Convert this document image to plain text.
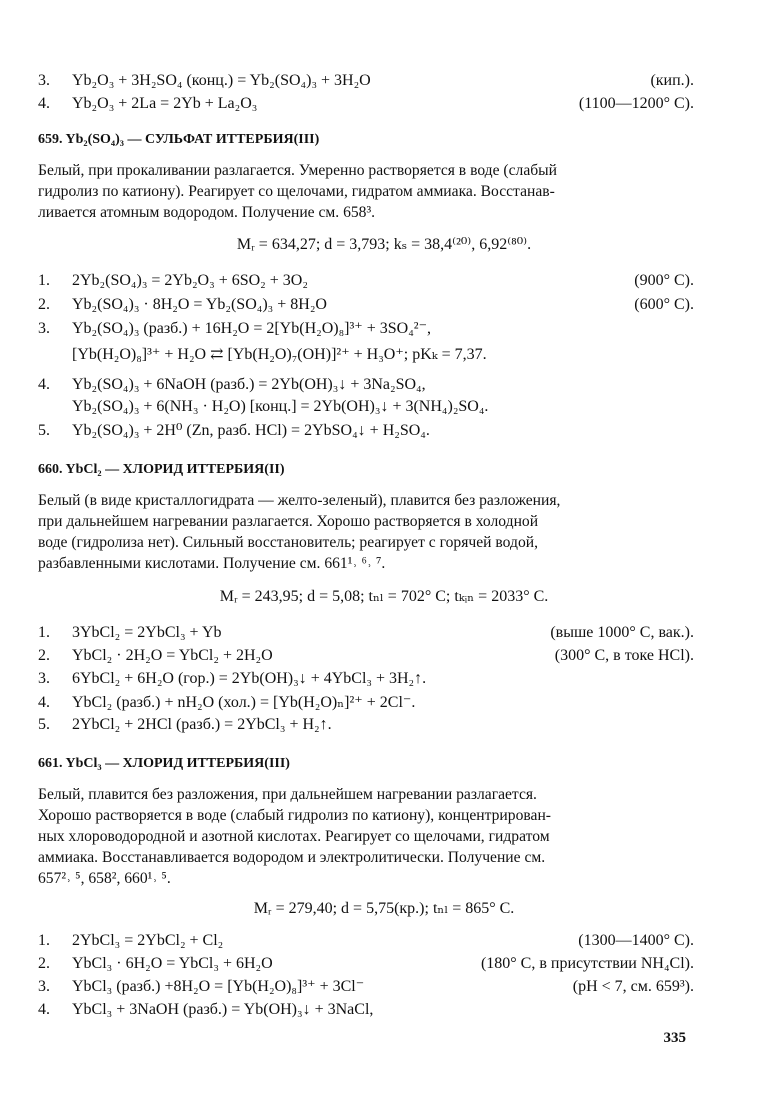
3. Yb₂O₃ + 3H₂SO₄ (конц.) = Yb₂(SO₄)₃ + 3H₂O	(кип.).
4. Yb₂O₃ + 2La = 2Yb + La₂O₃	(1100—1200° С).
659. Yb₂(SO₄)₃ — СУЛЬФАТ ИТТЕРБИЯ(III)
Белый, при прокаливании разлагается. Умеренно растворяется в воде (слабый
гидролиз по катиону). Реагирует со щелочами, гидратом аммиака. Восстанав-
ливается атомным водородом. Получение см. 658³.
Mᵣ = 634,27; d = 3,793; kₛ = 38,4⁽²⁰⁾, 6,92⁽⁸⁰⁾.
1. 2Yb₂(SO₄)₃ = 2Yb₂O₃ + 6SO₂ + 3O₂	(900° С).
2. Yb₂(SO₄)₃ · 8H₂O = Yb₂(SO₄)₃ + 8H₂O	(600° С).
3. Yb₂(SO₄)₃ (разб.) + 16H₂O = 2[Yb(H₂O)₈]³⁺ + 3SO₄²⁻,
[Yb(H₂O)₈]³⁺ + H₂O ⇄ [Yb(H₂O)₇(OH)]²⁺ + H₃O⁺; pKₖ = 7,37.
4. Yb₂(SO₄)₃ + 6NaOH (разб.) = 2Yb(OH)₃↓ + 3Na₂SO₄,
Yb₂(SO₄)₃ + 6(NH₃ · H₂O) [конц.] = 2Yb(OH)₃↓ + 3(NH₄)₂SO₄.
5. Yb₂(SO₄)₃ + 2H⁰ (Zn, разб. HCl) = 2YbSO₄↓ + H₂SO₄.
660. YbCl₂ — ХЛОРИД ИТТЕРБИЯ(II)
Белый (в виде кристаллогидрата — желто-зеленый), плавится без разложения,
при дальнейшем нагревании разлагается. Хорошо растворяется в холодной
воде (гидролиза нет). Сильный восстановитель; реагирует с горячей водой,
разбавленными кислотами. Получение см. 661¹˒ ⁶˒ ⁷.
Mᵣ = 243,95; d = 5,08; tₙₗ = 702° С; tₖᵢₙ = 2033° С.
1. 3YbCl₂ = 2YbCl₃ + Yb	(выше 1000° С, вак.).
2. YbCl₂ · 2H₂O = YbCl₂ + 2H₂O	(300° С, в токе HCl).
3. 6YbCl₂ + 6H₂O (гор.) = 2Yb(OH)₃↓ + 4YbCl₃ + 3H₂↑.
4. YbCl₂ (разб.) + nH₂O (хол.) = [Yb(H₂O)ₙ]²⁺ + 2Cl⁻.
5. 2YbCl₂ + 2HCl (разб.) = 2YbCl₃ + H₂↑.
661. YbCl₃ — ХЛОРИД ИТТЕРБИЯ(III)
Белый, плавится без разложения, при дальнейшем нагревании разлагается.
Хорошо растворяется в воде (слабый гидролиз по катиону), концентрирован-
ных хлороводородной и азотной кислотах. Реагирует со щелочами, гидратом
аммиака. Восстанавливается водородом и электролитически. Получение см.
657²˒ ⁵, 658², 660¹˒ ⁵.
Mᵣ = 279,40; d = 5,75(кр.); tₙₗ = 865° С.
1. 2YbCl₃ = 2YbCl₂ + Cl₂	(1300—1400° С).
2. YbCl₃ · 6H₂O = YbCl₃ + 6H₂O	(180° С, в присутствии NH₄Cl).
3. YbCl₃ (разб.) +8H₂O = [Yb(H₂O)₈]³⁺ + 3Cl⁻	(pH < 7, см. 659³).
4. YbCl₃ + 3NaOH (разб.) = Yb(OH)₃↓ + 3NaCl,
335
